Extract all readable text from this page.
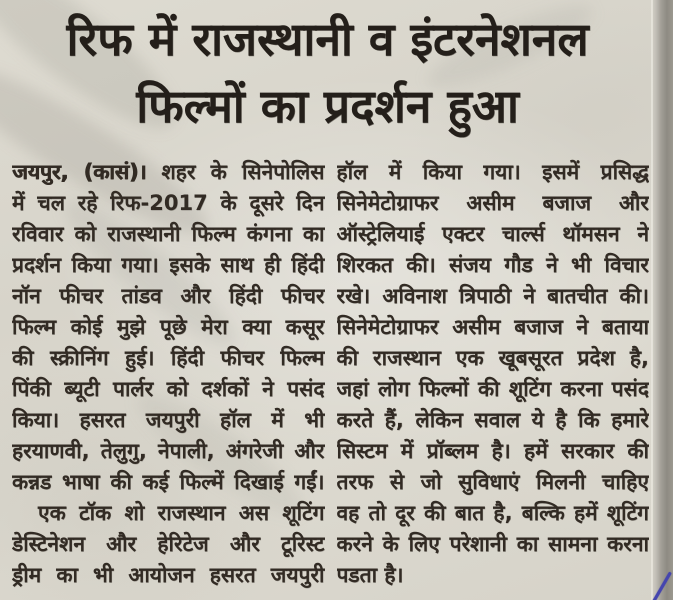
रिफ में राजस्थानी व इंटरनेशनल
फिल्मों का प्रदर्शन हुआ
जयपुर, (कासं)। शहर के सिनेपोलिस
में चल रहे रिफ-2017 के दूसरे दिन
रविवार को राजस्थानी फिल्म कंगना का
प्रदर्शन किया गया। इसके साथ ही हिंदी
नॉन फीचर तांडव और हिंदी फीचर
फिल्म कोई मुझे पूछे मेरा क्या कसूर
की स्क्रीनिंग हुई। हिंदी फीचर फिल्म
पिंकी ब्यूटी पार्लर को दर्शकों ने पसंद
किया। हसरत जयपुरी हॉल में भी
हरयाणवी, तेलुगु, नेपाली, अंगरेजी और
कन्नड भाषा की कई फिल्में दिखाई गईं।
एक टॉक शो राजस्थान अस शूटिंग
डेस्टिनेशन और हेरिटेज और टूरिस्ट
ड्रीम का भी आयोजन हसरत जयपुरी
हॉल में किया गया। इसमें प्रसिद्ध
सिनेमेटोग्राफर असीम बजाज और
ऑस्ट्रेलियाई एक्टर चार्ल्स थॉमसन ने
शिरकत की। संजय गौड ने भी विचार
रखे। अविनाश त्रिपाठी ने बातचीत की।
सिनेमेटोग्राफर असीम बजाज ने बताया
की राजस्थान एक खूबसूरत प्रदेश है,
जहां लोग फिल्मों की शूटिंग करना पसंद
करते हैं, लेकिन सवाल ये है कि हमारे
सिस्टम में प्रॉब्लम है। हमें सरकार की
तरफ से जो सुविधाएं मिलनी चाहिए
वह तो दूर की बात है, बल्कि हमें शूटिंग
करने के लिए परेशानी का सामना करना
पडता है।
